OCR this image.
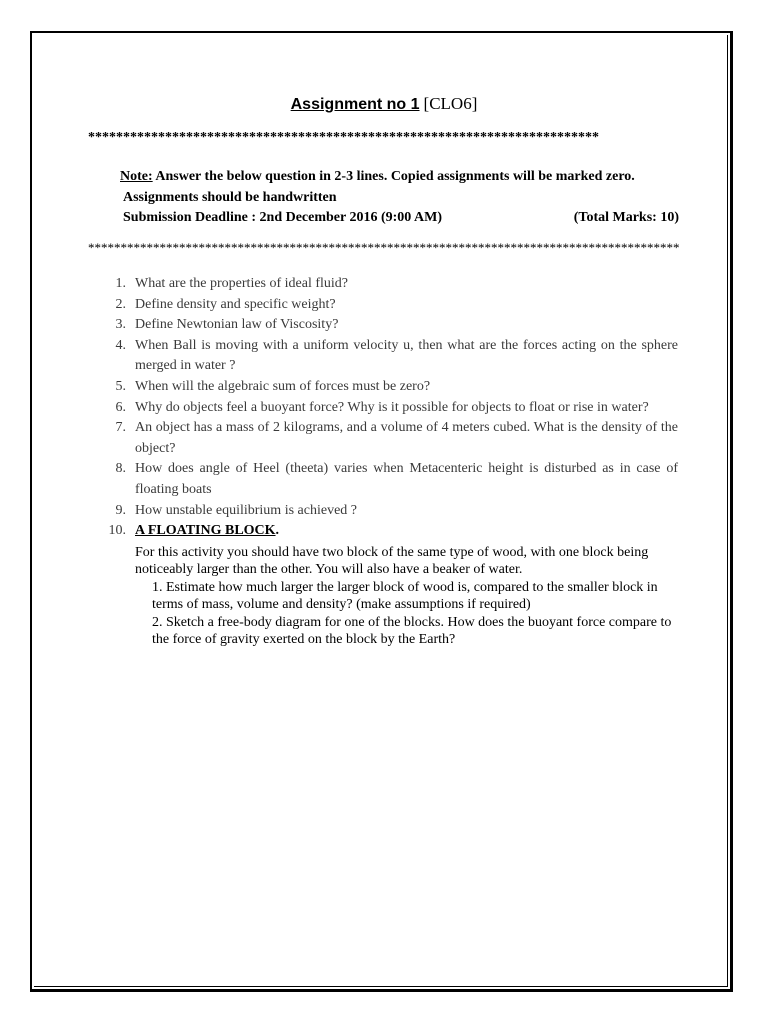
Assignment no 1 [CLO6]
*************************************************************************
Note: Answer the below question in 2-3 lines. Copied assignments will be marked zero.
Assignments should be handwritten
Submission Deadline : 2nd December 2016 (9:00 AM)	(Total Marks: 10)
*******************************************************************************************
1. What are the properties of ideal fluid?
2. Define density and specific weight?
3. Define Newtonian law of Viscosity?
4. When Ball is moving with a uniform velocity u, then what are the forces acting on the sphere merged in water ?
5. When will the algebraic sum of forces must be zero?
6. Why do objects feel a buoyant force? Why is it possible for objects to float or rise in water?
7. An object has a mass of 2 kilograms, and a volume of 4 meters cubed. What is the density of the object?
8. How does angle of Heel (theeta) varies when Metacenteric height is disturbed as in case of floating boats
9. How unstable equilibrium is achieved ?
10. A FLOATING BLOCK.
For this activity you should have two block of the same type of wood, with one block being noticeably larger than the other. You will also have a beaker of water.
1. Estimate how much larger the larger block of wood is, compared to the smaller block in terms of mass, volume and density? (make assumptions if required)
2. Sketch a free-body diagram for one of the blocks. How does the buoyant force compare to the force of gravity exerted on the block by the Earth?
